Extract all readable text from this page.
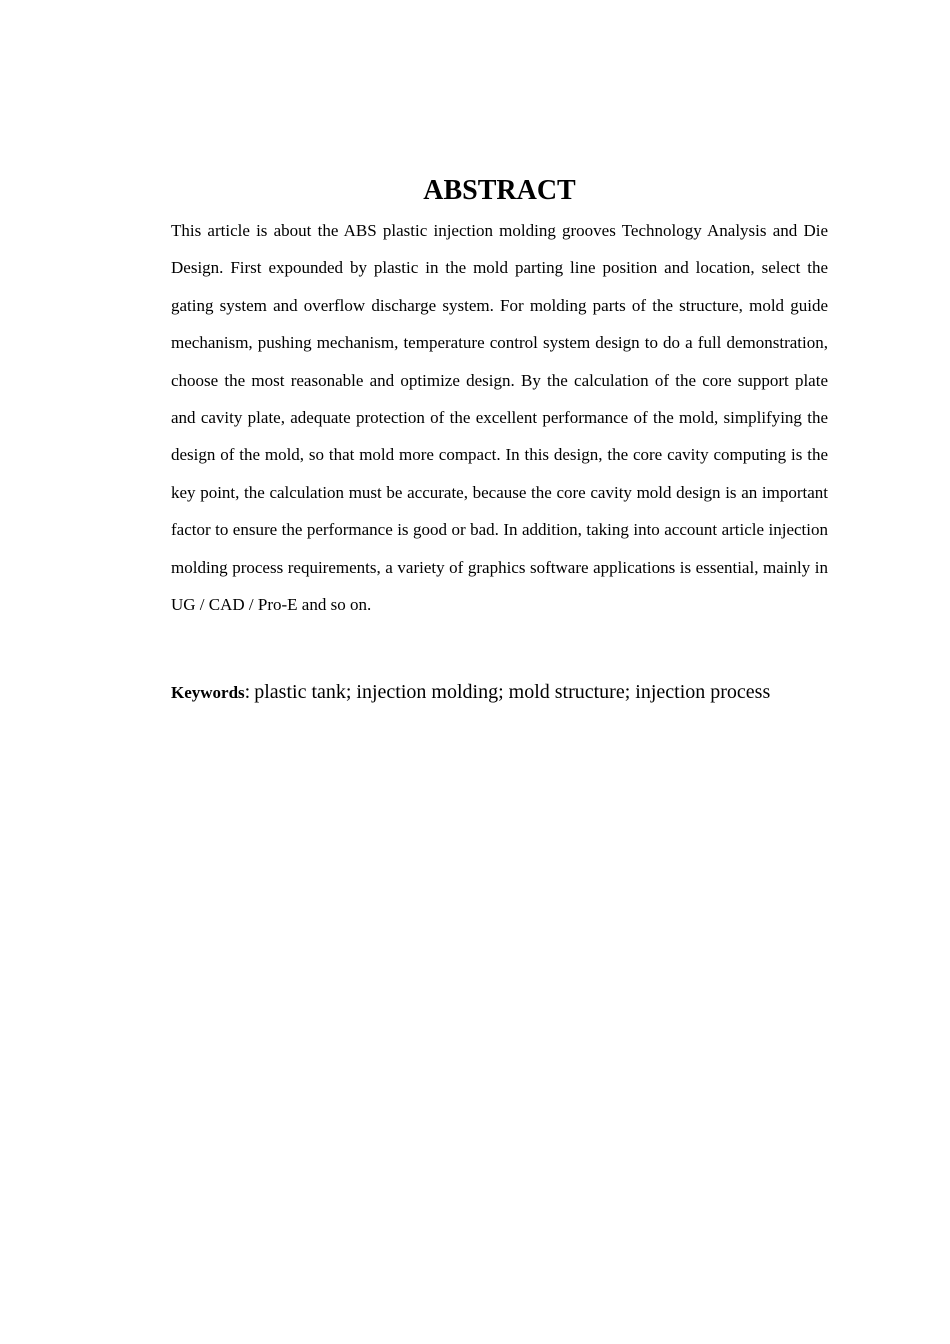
ABSTRACT

This article is about the ABS plastic injection molding grooves Technology Analysis and Die Design. First expounded by plastic in the mold parting line position and location, select the gating system and overflow discharge system. For molding parts of the structure, mold guide mechanism, pushing mechanism, temperature control system design to do a full demonstration, choose the most reasonable and optimize design. By the calculation of the core support plate and cavity plate, adequate protection of the excellent performance of the mold, simplifying the design of the mold, so that mold more compact. In this design, the core cavity computing is the key point, the calculation must be accurate, because the core cavity mold design is an important factor to ensure the performance is good or bad. In addition, taking into account article injection molding process requirements, a variety of graphics software applications is essential, mainly in UG / CAD / Pro-E and so on.

Keywords: plastic tank; injection molding; mold structure; injection process
